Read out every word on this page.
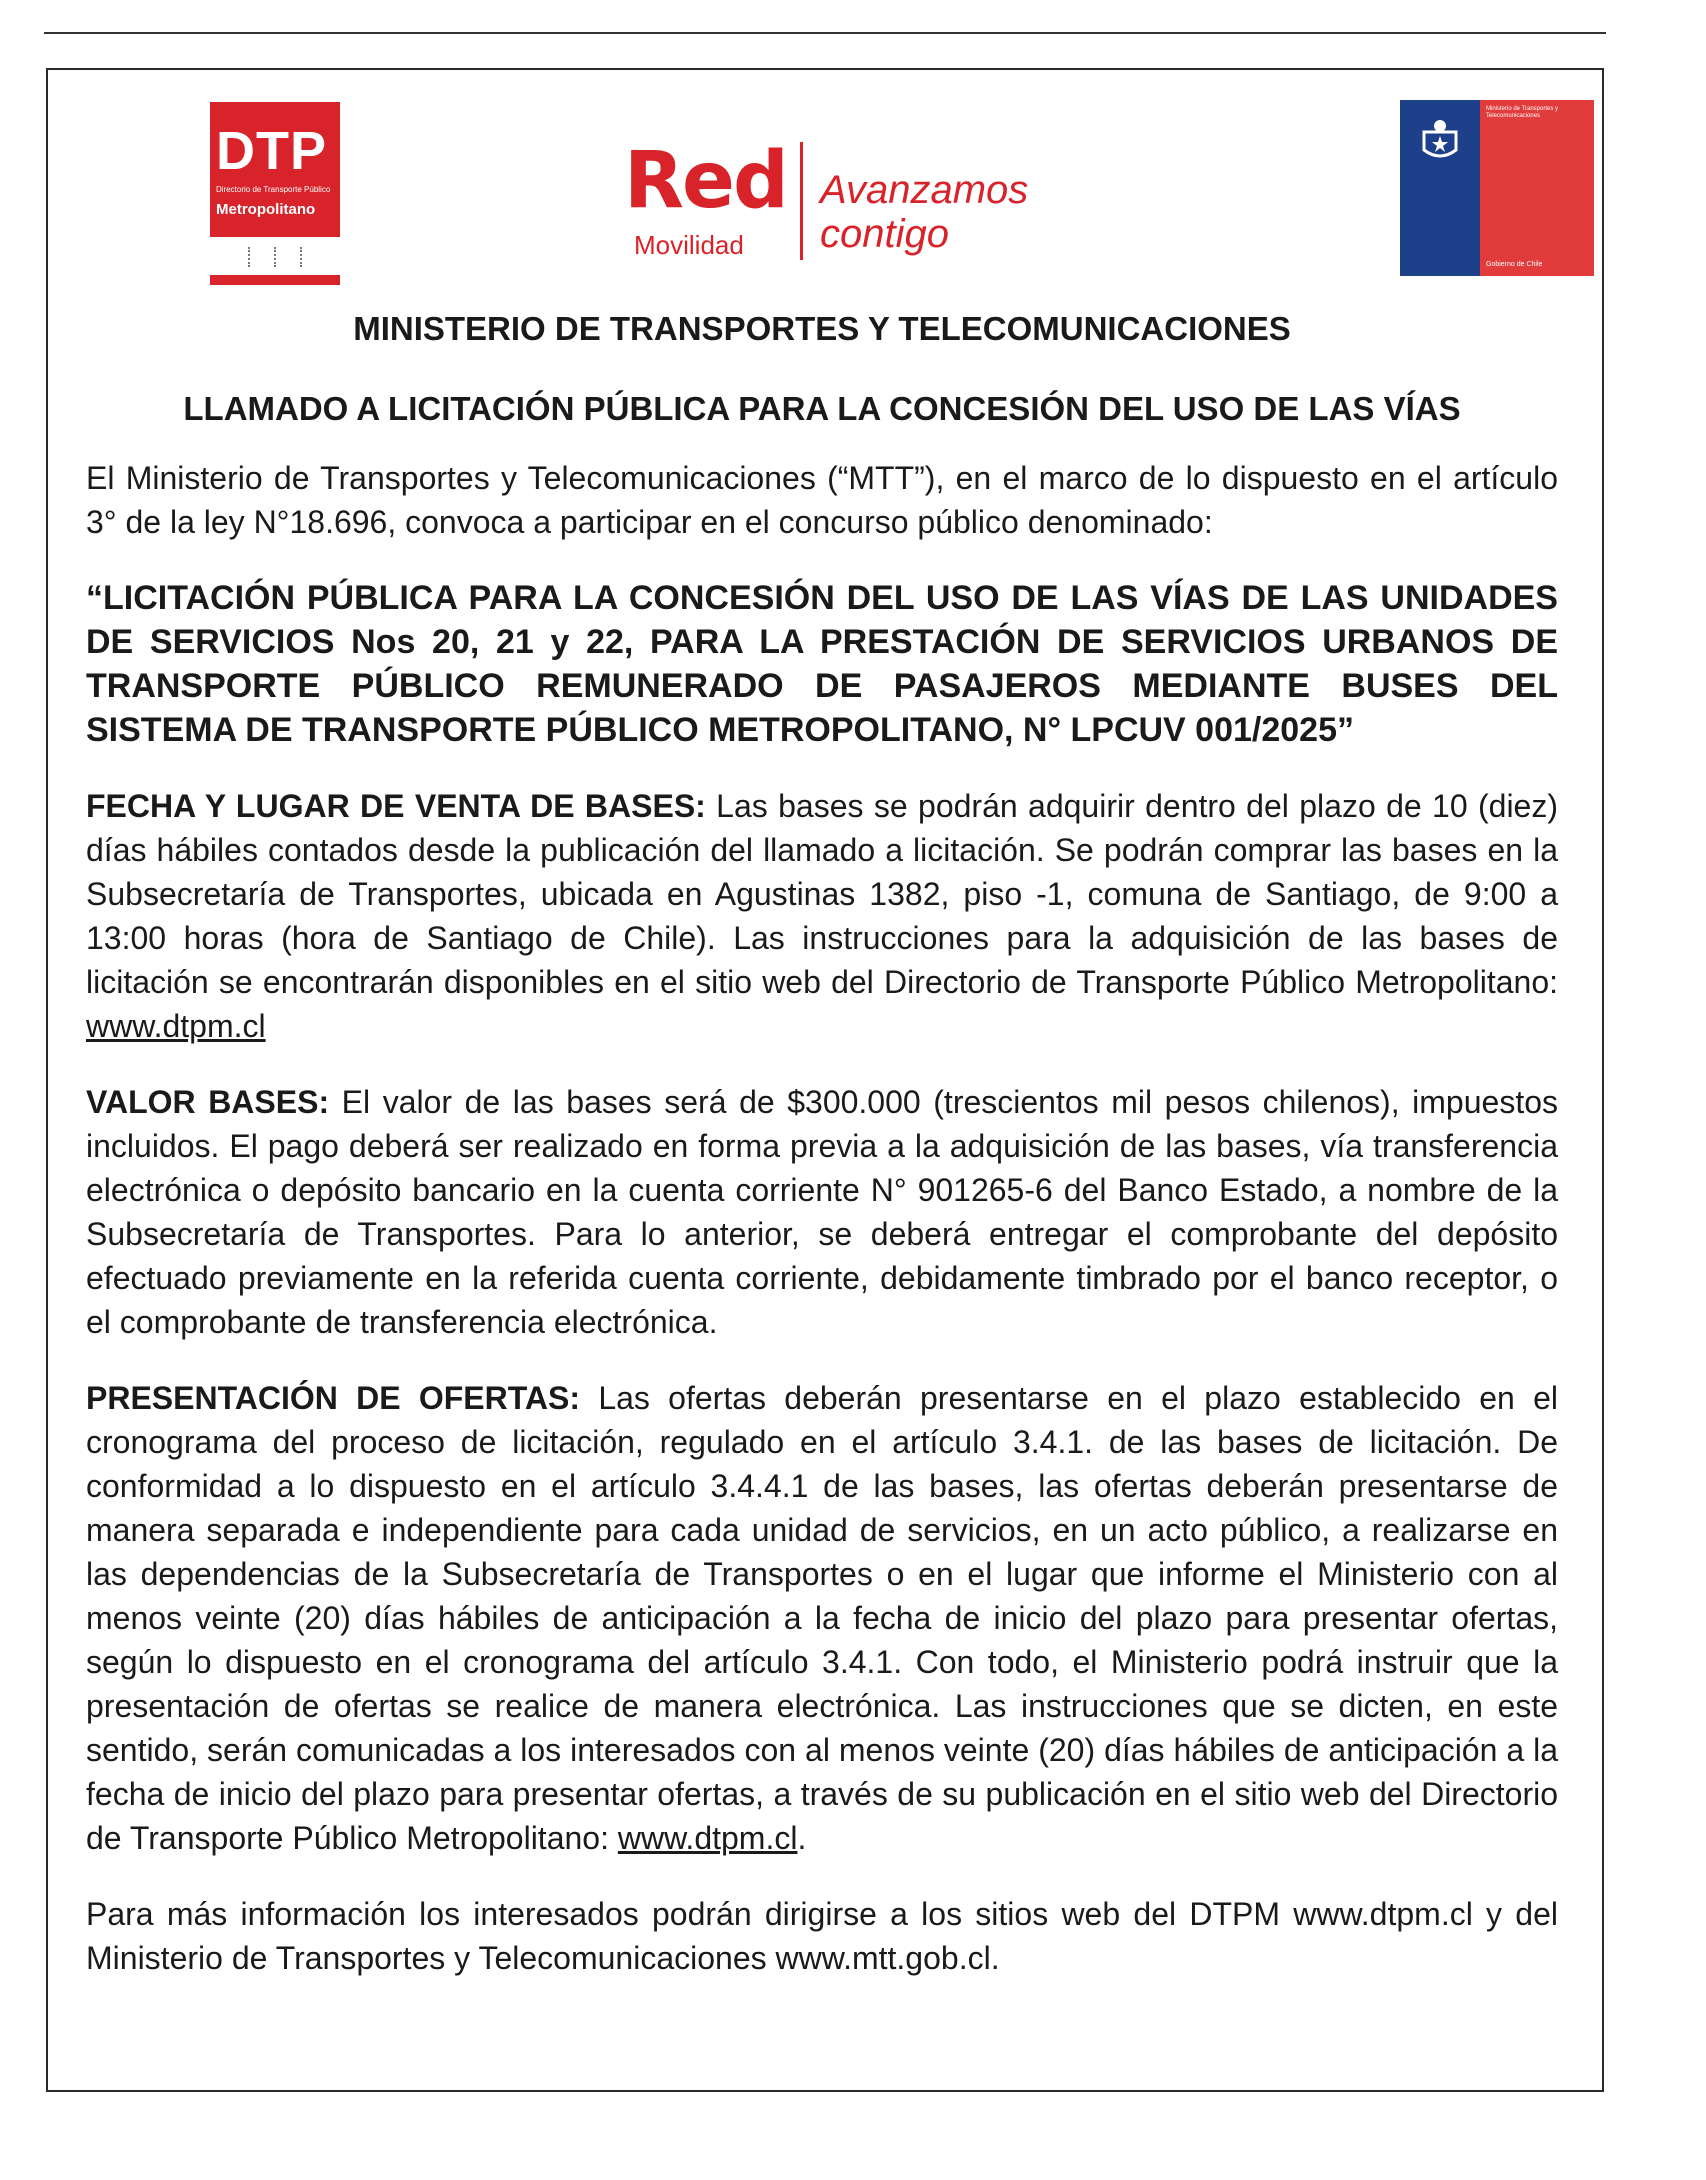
DTP
Directorio de Transporte Público
Metropolitano	Red
Movilidad
Avanzamos
contigo
Ministerio de Transportes y Telecomunicaciones
Gobierno de Chile
MINISTERIO DE TRANSPORTES Y TELECOMUNICACIONES
LLAMADO A LICITACIÓN PÚBLICA PARA LA CONCESIÓN DEL USO DE LAS VÍAS

El Ministerio de Transportes y Telecomunicaciones (“MTT”), en el marco de lo dispuesto en el artículo 3° de la ley N°18.696, convoca a participar en el concurso público denominado:

“LICITACIÓN PÚBLICA PARA LA CONCESIÓN DEL USO DE LAS VÍAS DE LAS UNIDADES DE SERVICIOS Nos 20, 21 y 22, PARA LA PRESTACIÓN DE SERVICIOS URBANOS DE TRANSPORTE PÚBLICO REMUNERADO DE PASAJEROS MEDIANTE BUSES DEL SISTEMA DE TRANSPORTE PÚBLICO METROPOLITANO, N° LPCUV 001/2025”

FECHA Y LUGAR DE VENTA DE BASES: Las bases se podrán adquirir dentro del plazo de 10 (diez) días hábiles contados desde la publicación del llamado a licitación. Se podrán comprar las bases en la Subsecretaría de Transportes, ubicada en Agustinas 1382, piso -1, comuna de Santiago, de 9:00 a 13:00 horas (hora de Santiago de Chile). Las instrucciones para la adquisición de las bases de licitación se encontrarán disponibles en el sitio web del Directorio de Transporte Público Metropolitano: www.dtpm.cl

VALOR BASES: El valor de las bases será de $300.000 (trescientos mil pesos chilenos), impuestos incluidos. El pago deberá ser realizado en forma previa a la adquisición de las bases, vía transferencia electrónica o depósito bancario en la cuenta corriente N° 901265-6 del Banco Estado, a nombre de la Subsecretaría de Transportes. Para lo anterior, se deberá entregar el comprobante del depósito efectuado previamente en la referida cuenta corriente, debidamente timbrado por el banco receptor, o el comprobante de transferencia electrónica.

PRESENTACIÓN DE OFERTAS: Las ofertas deberán presentarse en el plazo establecido en el cronograma del proceso de licitación, regulado en el artículo 3.4.1. de las bases de licitación. De conformidad a lo dispuesto en el artículo 3.4.4.1 de las bases, las ofertas deberán presentarse de manera separada e independiente para cada unidad de servicios, en un acto público, a realizarse en las dependencias de la Subsecretaría de Transportes o en el lugar que informe el Ministerio con al menos veinte (20) días hábiles de anticipación a la fecha de inicio del plazo para presentar ofertas, según lo dispuesto en el cronograma del artículo 3.4.1. Con todo, el Ministerio podrá instruir que la presentación de ofertas se realice de manera electrónica. Las instrucciones que se dicten, en este sentido, serán comunicadas a los interesados con al menos veinte (20) días hábiles de anticipación a la fecha de inicio del plazo para presentar ofertas, a través de su publicación en el sitio web del Directorio de Transporte Público Metropolitano: www.dtpm.cl.

Para más información los interesados podrán dirigirse a los sitios web del DTPM www.dtpm.cl y del Ministerio de Transportes y Telecomunicaciones www.mtt.gob.cl.
